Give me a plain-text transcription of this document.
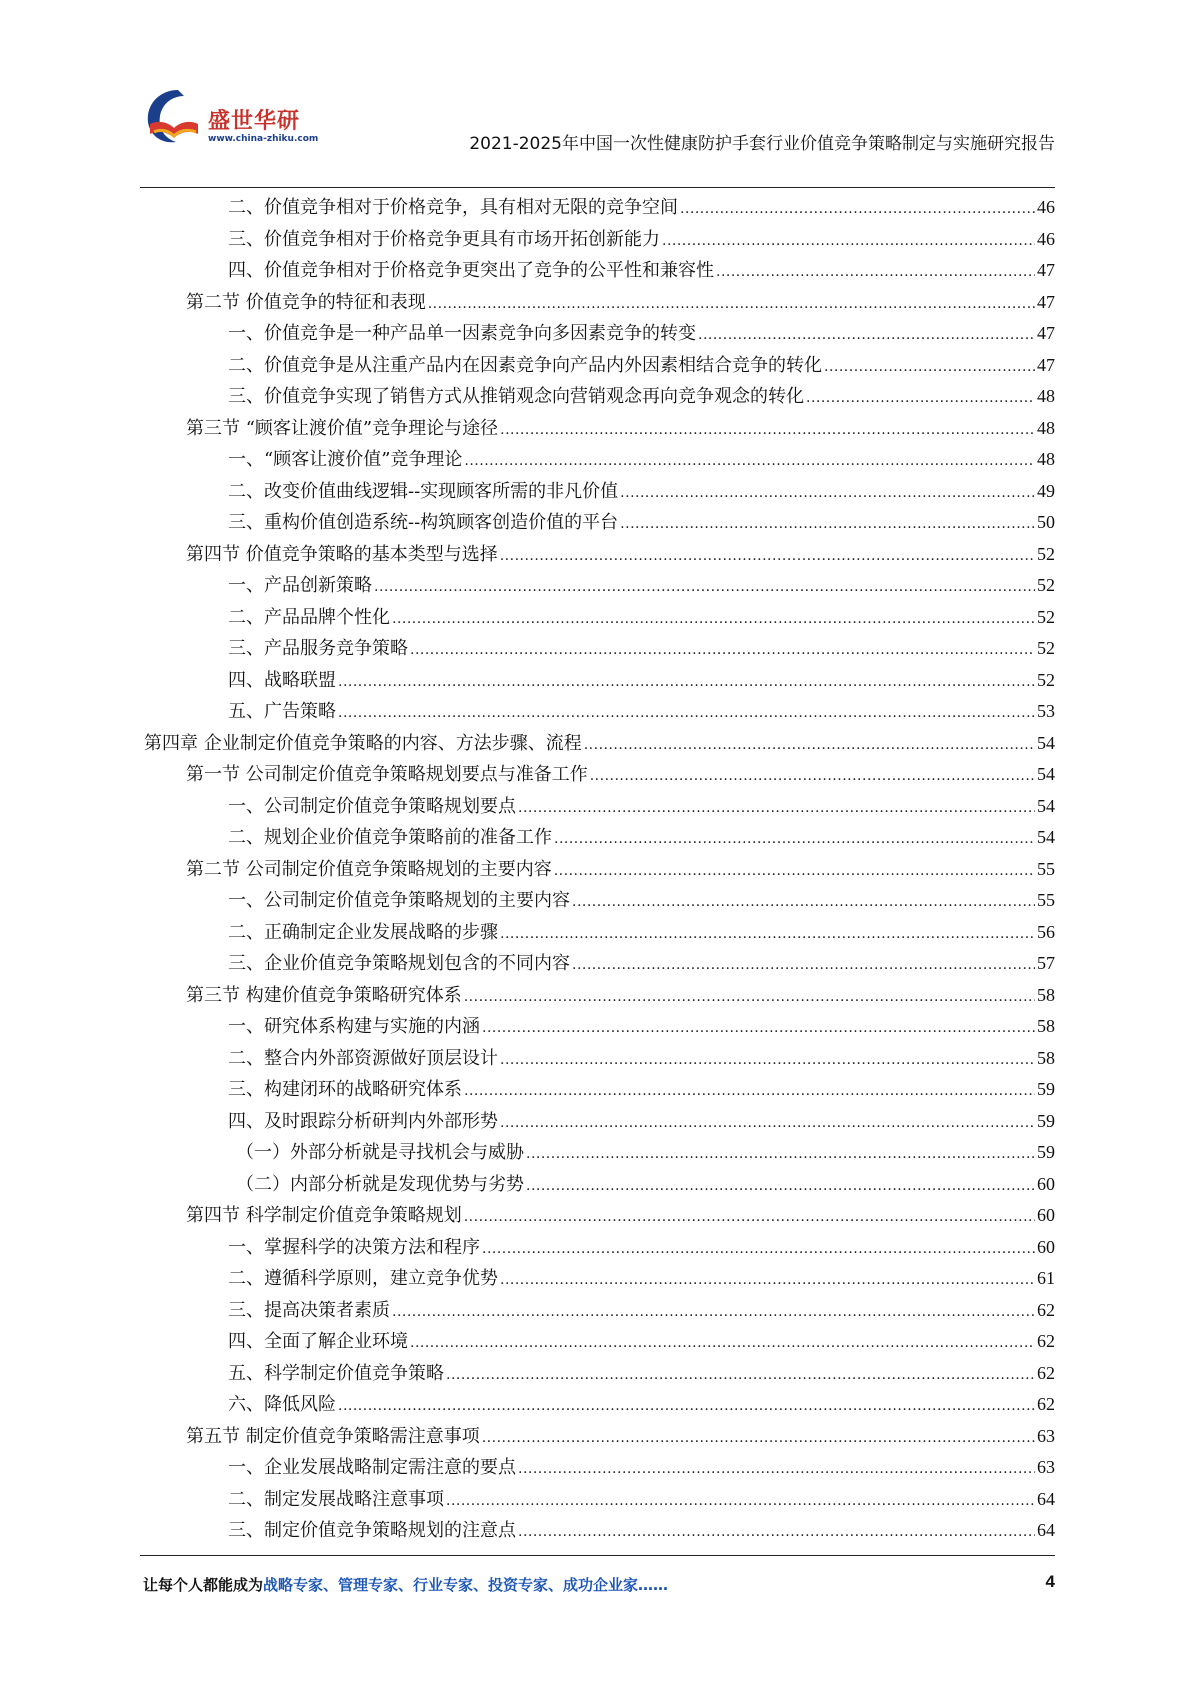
盛世华研
www.china-zhiku.com	2021-2025年中国一次性健康防护手套行业价值竞争策略制定与实施研究报告
二、价值竞争相对于价格竞争，具有相对无限的竞争空间 .....	46
三、价值竞争相对于价格竞争更具有市场开拓创新能力 .....	46
四、价值竞争相对于价格竞争更突出了竞争的公平性和兼容性 .....	47
第二节 价值竞争的特征和表现 .....	47
一、价值竞争是一种产品单一因素竞争向多因素竞争的转变 .....	47
二、价值竞争是从注重产品内在因素竞争向产品内外因素相结合竞争的转化 .....	47
三、价值竞争实现了销售方式从推销观念向营销观念再向竞争观念的转化 .....	48
第三节 “顾客让渡价值”竞争理论与途径 .....	48
一、“顾客让渡价值”竞争理论 .....	48
二、改变价值曲线逻辑--实现顾客所需的非凡价值 .....	49
三、重构价值创造系统--构筑顾客创造价值的平台 .....	50
第四节 价值竞争策略的基本类型与选择 .....	52
一、产品创新策略 .....	52
二、产品品牌个性化 .....	52
三、产品服务竞争策略 .....	52
四、战略联盟 .....	52
五、广告策略 .....	53
第四章 企业制定价值竞争策略的内容、方法步骤、流程 .....	54
第一节 公司制定价值竞争策略规划要点与准备工作 .....	54
一、公司制定价值竞争策略规划要点 .....	54
二、规划企业价值竞争策略前的准备工作 .....	54
第二节 公司制定价值竞争策略规划的主要内容 .....	55
一、公司制定价值竞争策略规划的主要内容 .....	55
二、正确制定企业发展战略的步骤 .....	56
三、企业价值竞争策略规划包含的不同内容 .....	57
第三节 构建价值竞争策略研究体系 .....	58
一、研究体系构建与实施的内涵 .....	58
二、整合内外部资源做好顶层设计 .....	58
三、构建闭环的战略研究体系 .....	59
四、及时跟踪分析研判内外部形势 .....	59
（一）外部分析就是寻找机会与威胁 .....	59
（二）内部分析就是发现优势与劣势 .....	60
第四节 科学制定价值竞争策略规划 .....	60
一、掌握科学的决策方法和程序 .....	60
二、遵循科学原则，建立竞争优势 .....	61
三、提高决策者素质 .....	62
四、全面了解企业环境 .....	62
五、科学制定价值竞争策略 .....	62
六、降低风险 .....	62
第五节 制定价值竞争策略需注意事项 .....	63
一、企业发展战略制定需注意的要点 .....	63
二、制定发展战略注意事项 .....	64
三、制定价值竞争策略规划的注意点 .....	64
让每个人都能成为战略专家、管理专家、行业专家、投资专家、成功企业家……	4
